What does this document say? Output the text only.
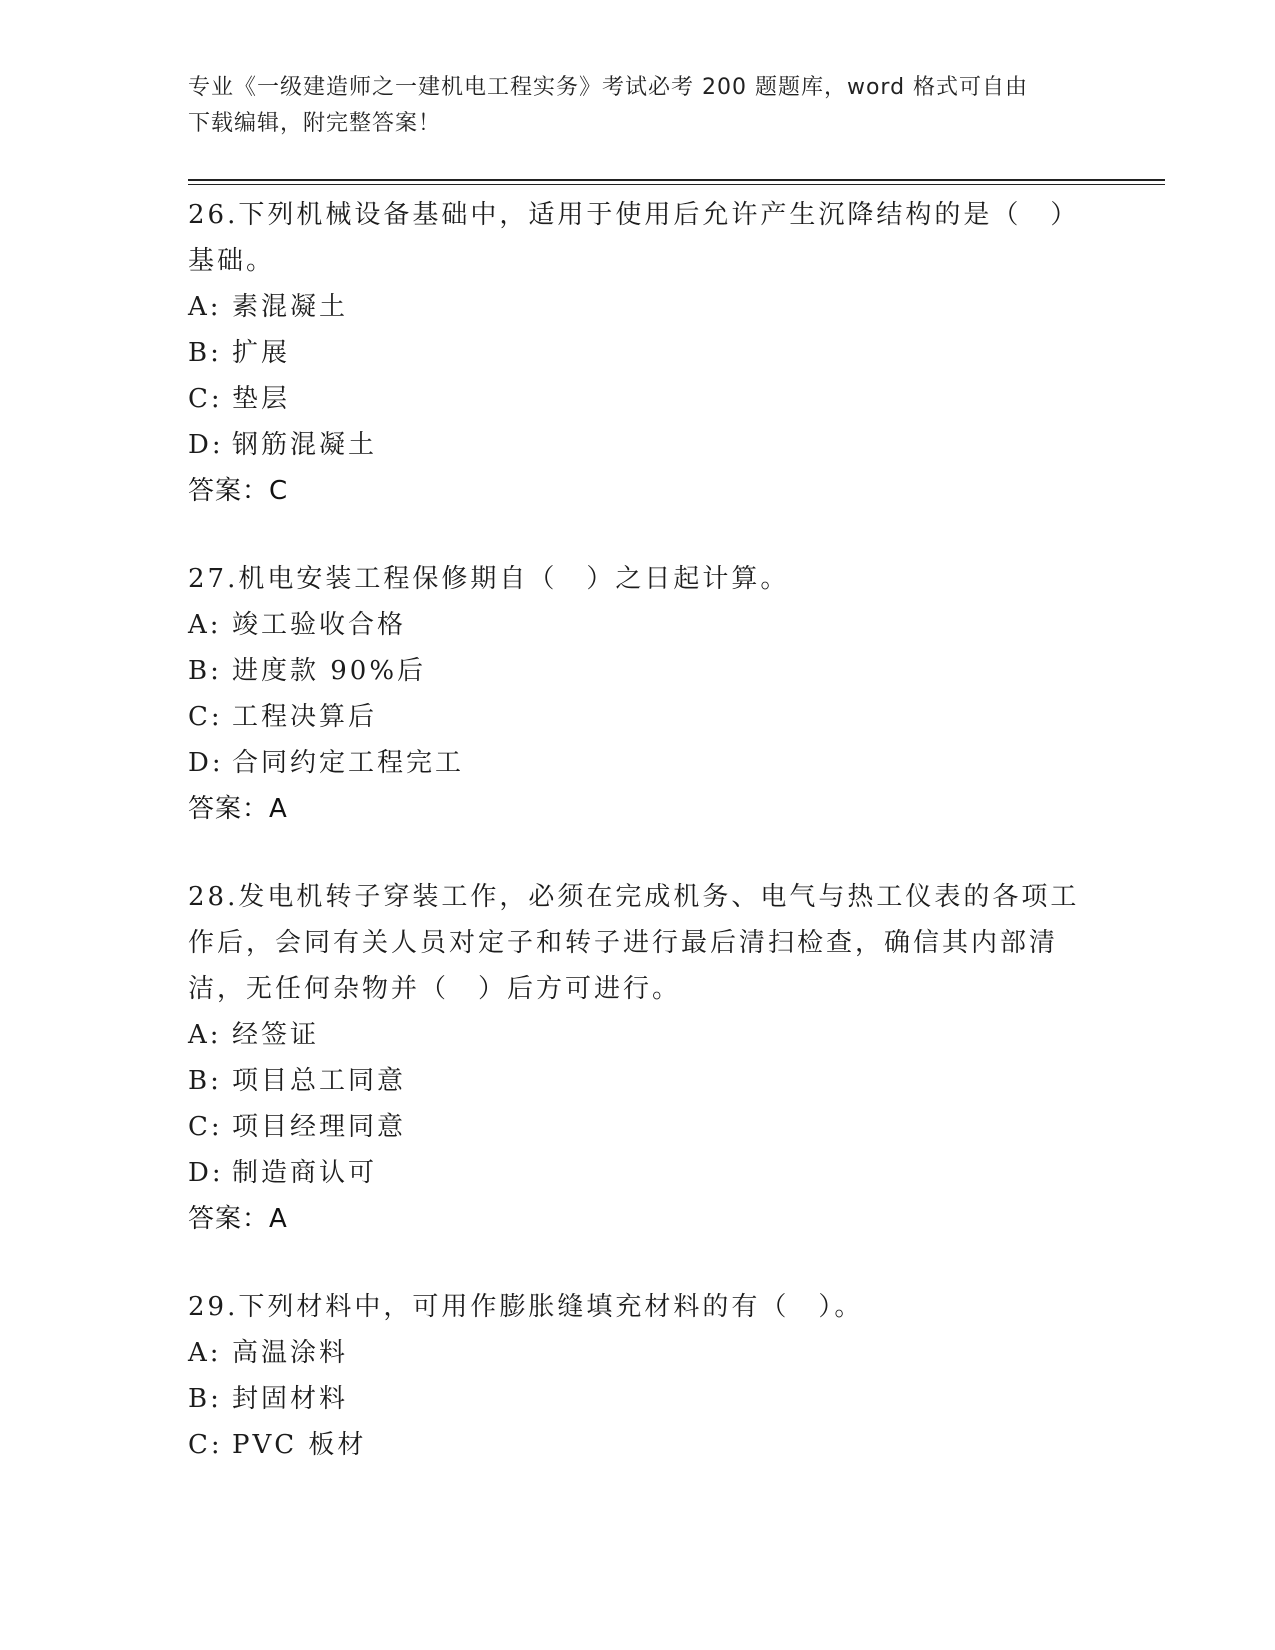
专业《一级建造师之一建机电工程实务》考试必考 200 题题库，word 格式可自由
下载编辑，附完整答案！

26.下列机械设备基础中，适用于使用后允许产生沉降结构的是（　）基础。

A: 素混凝土
B: 扩展
C: 垫层
D: 钢筋混凝土
答案：C

27.机电安装工程保修期自（　）之日起计算。

A: 竣工验收合格
B: 进度款 90%后
C: 工程决算后
D: 合同约定工程完工
答案：A

28.发电机转子穿装工作，必须在完成机务、电气与热工仪表的各项工作后，会同有关人员对定子和转子进行最后清扫检查，确信其内部清洁，无任何杂物并（　）后方可进行。

A: 经签证
B: 项目总工同意
C: 项目经理同意
D: 制造商认可
答案：A

29.下列材料中，可用作膨胀缝填充材料的有（　）。

A: 高温涂料
B: 封固材料
C: PVC 板材
